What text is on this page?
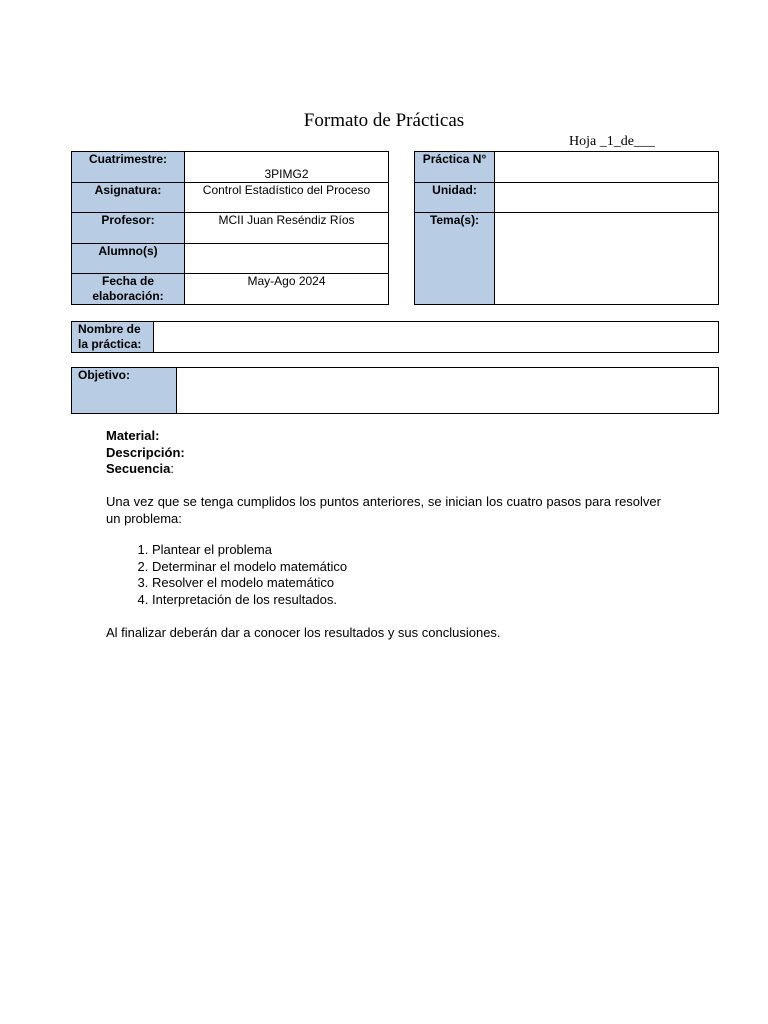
Formato de Prácticas
Hoja _1_de___
Cuatrimestre:	3PIMG2
Asignatura:	Control Estadístico del Proceso
Profesor:	MCII Juan Reséndiz Ríos
Alumno(s)	

Fecha de
elaboración:	May-Ago 2024
Práctica N°	
Unidad:	
Tema(s):	
Nombre de
la práctica:

Objetivo:	
Material:
Descripción:
Secuencia:
Una vez que se tenga cumplidos los puntos anteriores, se inician los cuatro pasos para resolver un problema:
1. Plantear el problema
2. Determinar el modelo matemático
3. Resolver el modelo matemático
4. Interpretación de los resultados.
Al finalizar deberán dar a conocer los resultados y sus conclusiones.
